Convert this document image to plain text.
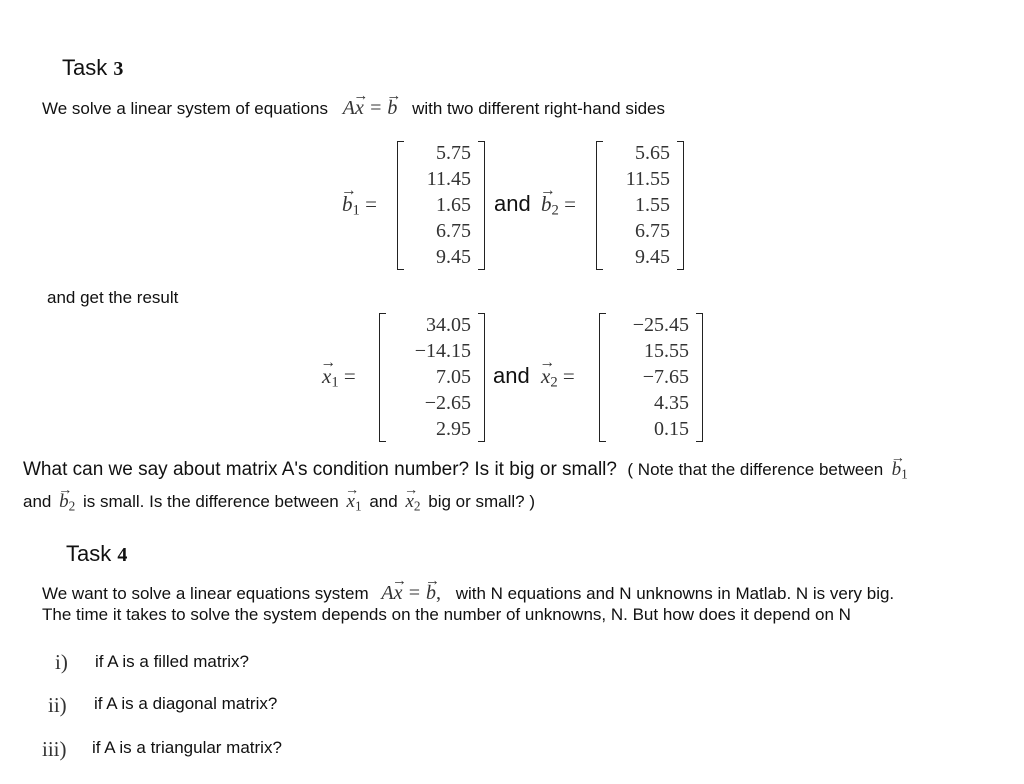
Task 3
We solve a linear system of equations A→ x = → b with two different right-hand sides
→ $b_1$ =
5.75
11.45
1.65
6.75
9.45
and → $b_2$ =
5.65
11.55
1.55
6.75
9.45
and get the result
→ $x_1$ =
34.05
−14.15
7.05
−2.65
2.95
and → $x_2$ =
−25.45
15.55
−7.65
4.35
0.15
What can we say about matrix A's condition number? Is it big or small? ( Note that the difference between → $b_1$
and → $b_2$ is small. Is the difference between → $x_1$ and → $x_2$ big or small? )
Task 4
We want to solve a linear equations system A→ x = → b, with N equations and N unknowns in Matlab. N is very big.
The time it takes to solve the system depends on the number of unknowns, N. But how does it depend on N
i) if A is a filled matrix?
ii) if A is a diagonal matrix?
iii) if A is a triangular matrix?
